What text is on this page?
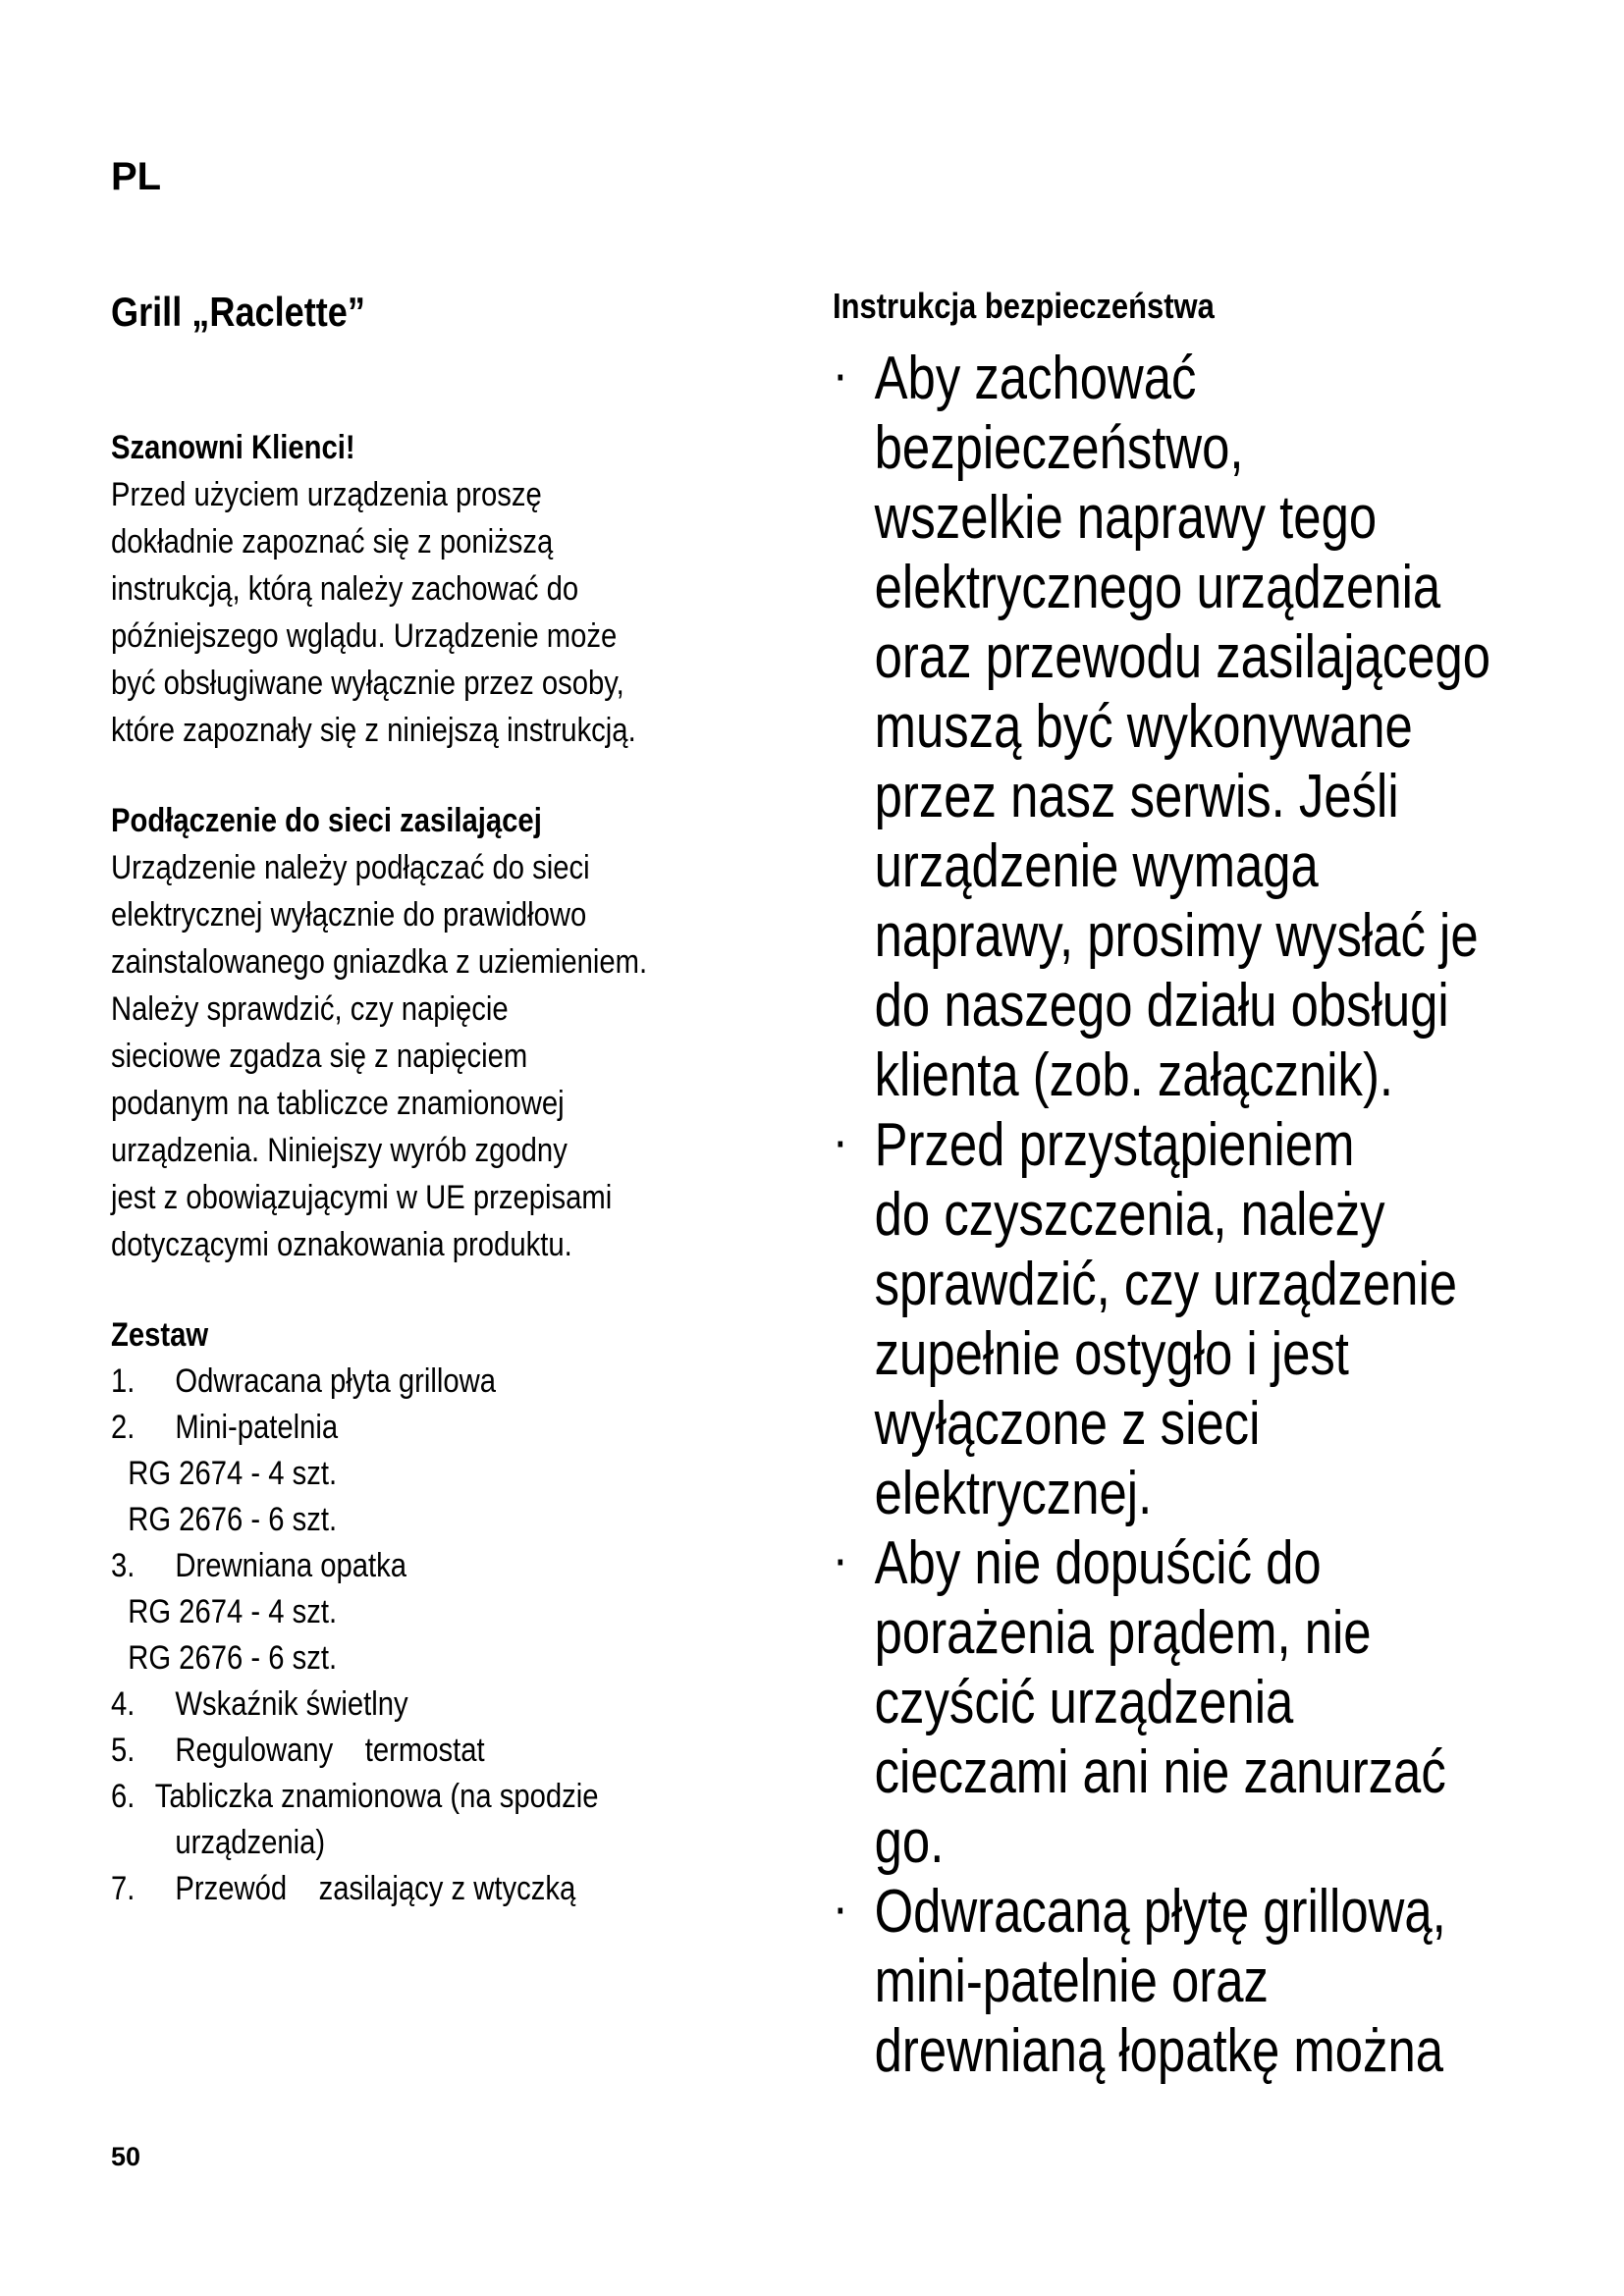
PL
Grill „Raclette”
Szanowni Klienci!

Przed użyciem urządzenia proszę

dokładnie zapoznać się z poniższą

instrukcją, którą należy zachować do

późniejszego wglądu. Urządzenie może

być obsługiwane wyłącznie przez osoby,

które zapoznały się z niniejszą instrukcją.

Podłączenie do sieci zasilającej

Urządzenie należy podłączać do sieci

elektrycznej wyłącznie do prawidłowo

zainstalowanego gniazdka z uziemieniem.

Należy sprawdzić, czy napięcie

sieciowe zgadza się z napięciem

podanym na tabliczce znamionowej

urządzenia. Niniejszy wyrób zgodny

jest z obowiązującymi w UE przepisami

dotyczącymi oznakowania produktu.

Zestaw
1. Odwracana płyta grillowa
2. Mini-patelnia
RG 2674 - 4 szt.
RG 2676 - 6 szt.
3. Drewniana opatka
RG 2674 - 4 szt.
RG 2676 - 6 szt.
4. Wskaźnik świetlny
5. Regulowany    termostat
6. Tabliczka znamionowa (na spodzie
urządzenia)
7. Przewód    zasilający z wtyczką
Instrukcja bezpieczeństwa
· Aby zachować
bezpieczeństwo,
wszelkie naprawy tego
elektrycznego urządzenia
oraz przewodu zasilającego
muszą być wykonywane
przez nasz serwis. Jeśli
urządzenie wymaga
naprawy, prosimy wysłać je
do naszego działu obsługi
klienta (zob. załącznik).
· Przed przystąpieniem
do czyszczenia, należy
sprawdzić, czy urządzenie
zupełnie ostygło i jest
wyłączone z sieci
elektrycznej.
· Aby nie dopuścić do
porażenia prądem, nie
czyścić urządzenia
cieczami ani nie zanurzać
go.
· Odwracaną płytę grillową,
mini-patelnie oraz
drewnianą łopatkę można
50
